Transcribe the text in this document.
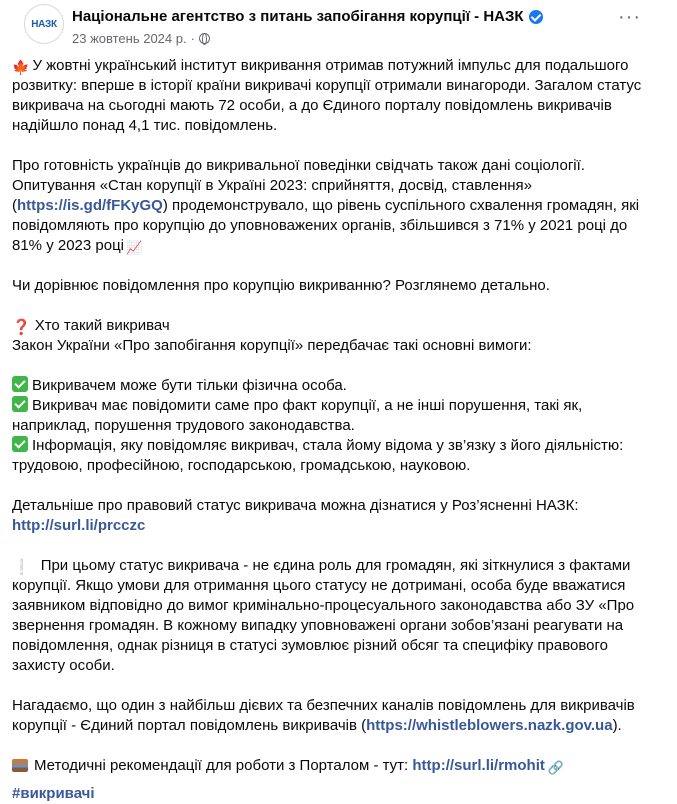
НАЗК Національне агентство з питань запобігання корупції - НАЗК
23 жовтень 2024 р. ·
···

🍁 У жовтні український інститут викривання отримав потужний імпульс для подальшого розвитку: вперше в історії країни викривачі корупції отримали винагороди. Загалом статус викривача на сьогодні мають 72 особи, а до Єдиного порталу повідомлень викривачів надійшло понад 4,1 тис. повідомлень.

Про готовність українців до викривальної поведінки свідчать також дані соціології. Опитування «Стан корупції в Україні 2023: сприйняття, досвід, ставлення» (https://is.gd/fFKyGQ) продемонструвало, що рівень суспільного схвалення громадян, які повідомляють про корупцію до уповноважених органів, збільшився з 71% у 2021 році до 81% у 2023 році 📈

Чи дорівнює повідомлення про корупцію викриванню? Розглянемо детально.

❓ Хто такий викривач

Закон України «Про запобігання корупції» передбачає такі основні вимоги:

Викривачем може бути тільки фізична особа.

Викривач має повідомити саме про факт корупції, а не інші порушення, такі як, наприклад, порушення трудового законодавства.

Інформація, яку повідомляє викривач, стала йому відома у зв’язку з його діяльністю: трудовою, професійною, господарською, громадською, науковою.

Детальніше про правовий статус викривача можна дізнатися у Роз’ясненні НАЗК:

http://surl.li/prcczc

❕ При цьому статус викривача - не єдина роль для громадян, які зіткнулися з фактами корупції. Якщо умови для отримання цього статусу не дотримані, особа буде вважатися заявником відповідно до вимог кримінально-процесуального законодавства або ЗУ «Про звернення громадян. В кожному випадку уповноважені органи зобов’язані реагувати на повідомлення, однак різниця в статусі зумовлює різний обсяг та специфіку правового захисту особи.

Нагадаємо, що один з найбільш дієвих та безпечних каналів повідомлень для викривачів корупції - Єдиний портал повідомлень викривачів (https://whistleblowers.nazk.gov.ua).

Методичні рекомендації для роботи з Порталом - тут: http://surl.li/rmohit 🔗

#викривачі
